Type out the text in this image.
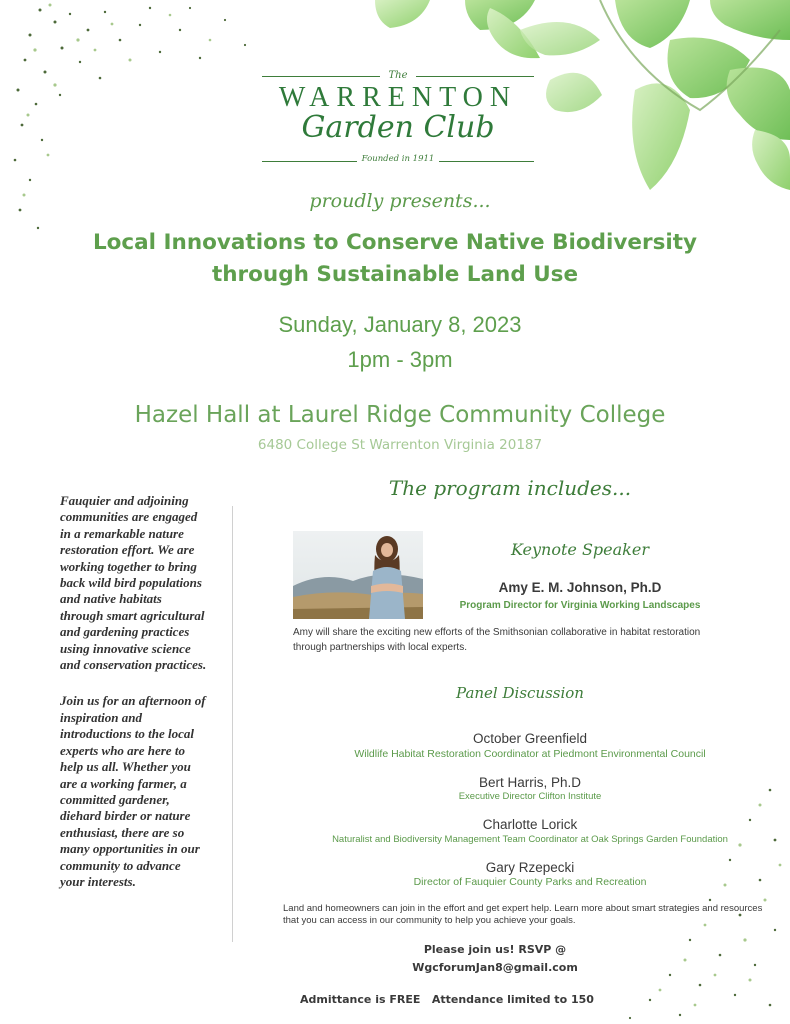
The
WARRENTON
Garden Club
Founded in 1911
proudly presents...
Local Innovations to Conserve Native Biodiversity
through Sustainable Land Use
Sunday, January 8, 2023
1pm - 3pm
Hazel Hall at Laurel Ridge Community College
6480 College St Warrenton Virginia 20187

Fauquier and adjoining communities are engaged in a remarkable nature restoration effort. We are working together to bring back wild bird populations and native habitats through smart agricultural and gardening practices using innovative science and conservation practices.

Join us for an afternoon of inspiration and introductions to the local experts who are here to help us all. Whether you are a working farmer, a committed gardener, diehard birder or nature enthusiast, there are so many opportunities in our community to advance your interests.

The program includes...
Keynote Speaker
Amy E. M. Johnson, Ph.D
Program Director for Virginia Working Landscapes
Amy will share the exciting new efforts of the Smithsonian collaborative in habitat restoration through partnerships with local experts.
Panel Discussion
October Greenfield
Wildlife Habitat Restoration Coordinator at Piedmont Environmental Council
Bert Harris, Ph.D
Executive Director Clifton Institute
Charlotte Lorick
Naturalist and Biodiversity Management Team Coordinator at Oak Springs Garden Foundation
Gary Rzepecki
Director of Fauquier County Parks and Recreation
Land and homeowners can join in the effort and get expert help. Learn more about smart strategies and resources that you can access in our community to help you achieve your goals.
Please join us! RSVP @
WgcforumJan8@gmail.com
Admittance is FREE   Attendance limited to 150
